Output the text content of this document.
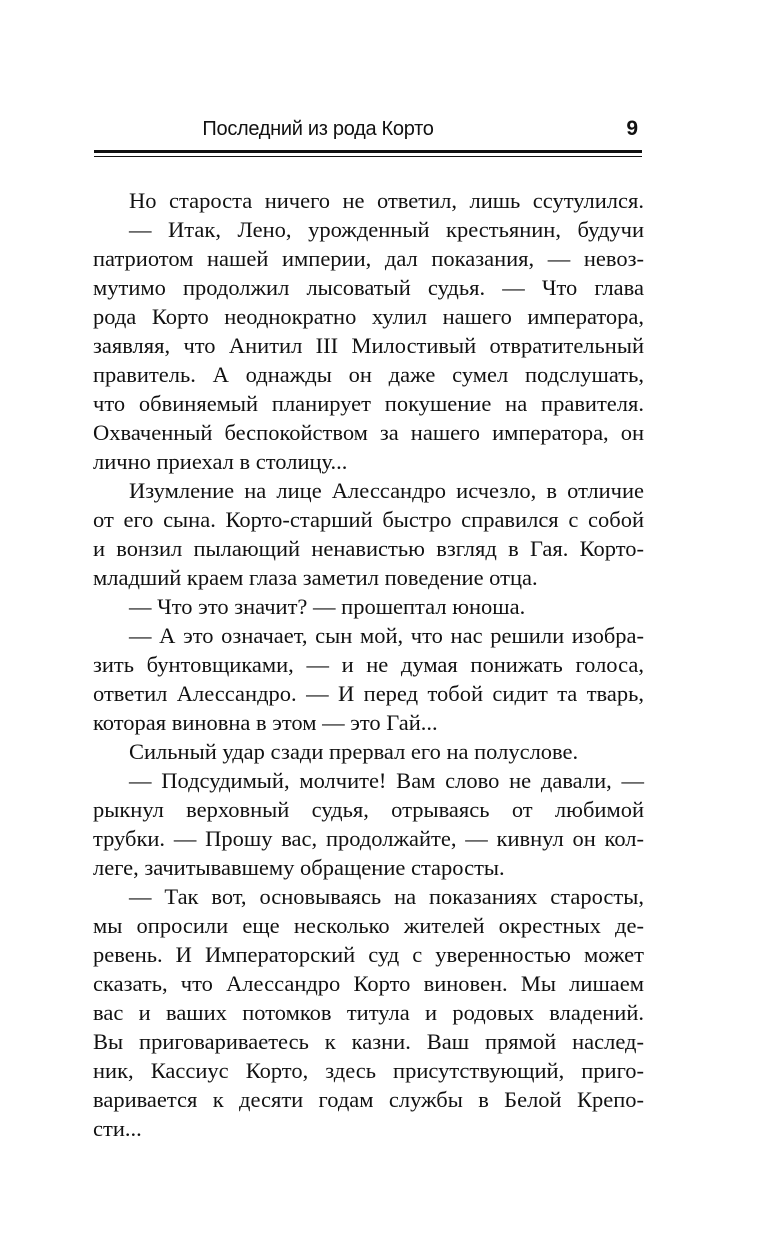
Последний из рода Корто	9
Но староста ничего не ответил, лишь ссутулился.
— Итак, Лено, урожденный крестьянин, будучи
патриотом нашей империи, дал показания, — невоз-
мутимо продолжил лысоватый судья. — Что глава
рода Корто неоднократно хулил нашего императора,
заявляя, что Анитил III Милостивый отвратительный
правитель. А однажды он даже сумел подслушать,
что обвиняемый планирует покушение на правителя.
Охваченный беспокойством за нашего императора, он
лично приехал в столицу...
Изумление на лице Алессандро исчезло, в отличие
от его сына. Корто-старший быстро справился с собой
и вонзил пылающий ненавистью взгляд в Гая. Корто-
младший краем глаза заметил поведение отца.
— Что это значит? — прошептал юноша.
— А это означает, сын мой, что нас решили изобра-
зить бунтовщиками, — и не думая понижать голоса,
ответил Алессандро. — И перед тобой сидит та тварь,
которая виновна в этом — это Гай...
Сильный удар сзади прервал его на полуслове.
— Подсудимый, молчите! Вам слово не давали, —
рыкнул верховный судья, отрываясь от любимой
трубки. — Прошу вас, продолжайте, — кивнул он кол-
леге, зачитывавшему обращение старосты.
— Так вот, основываясь на показаниях старосты,
мы опросили еще несколько жителей окрестных де-
ревень. И Императорский суд с уверенностью может
сказать, что Алессандро Корто виновен. Мы лишаем
вас и ваших потомков титула и родовых владений.
Вы приговариваетесь к казни. Ваш прямой наслед-
ник, Кассиус Корто, здесь присутствующий, приго-
варивается к десяти годам службы в Белой Крепо-
сти...
